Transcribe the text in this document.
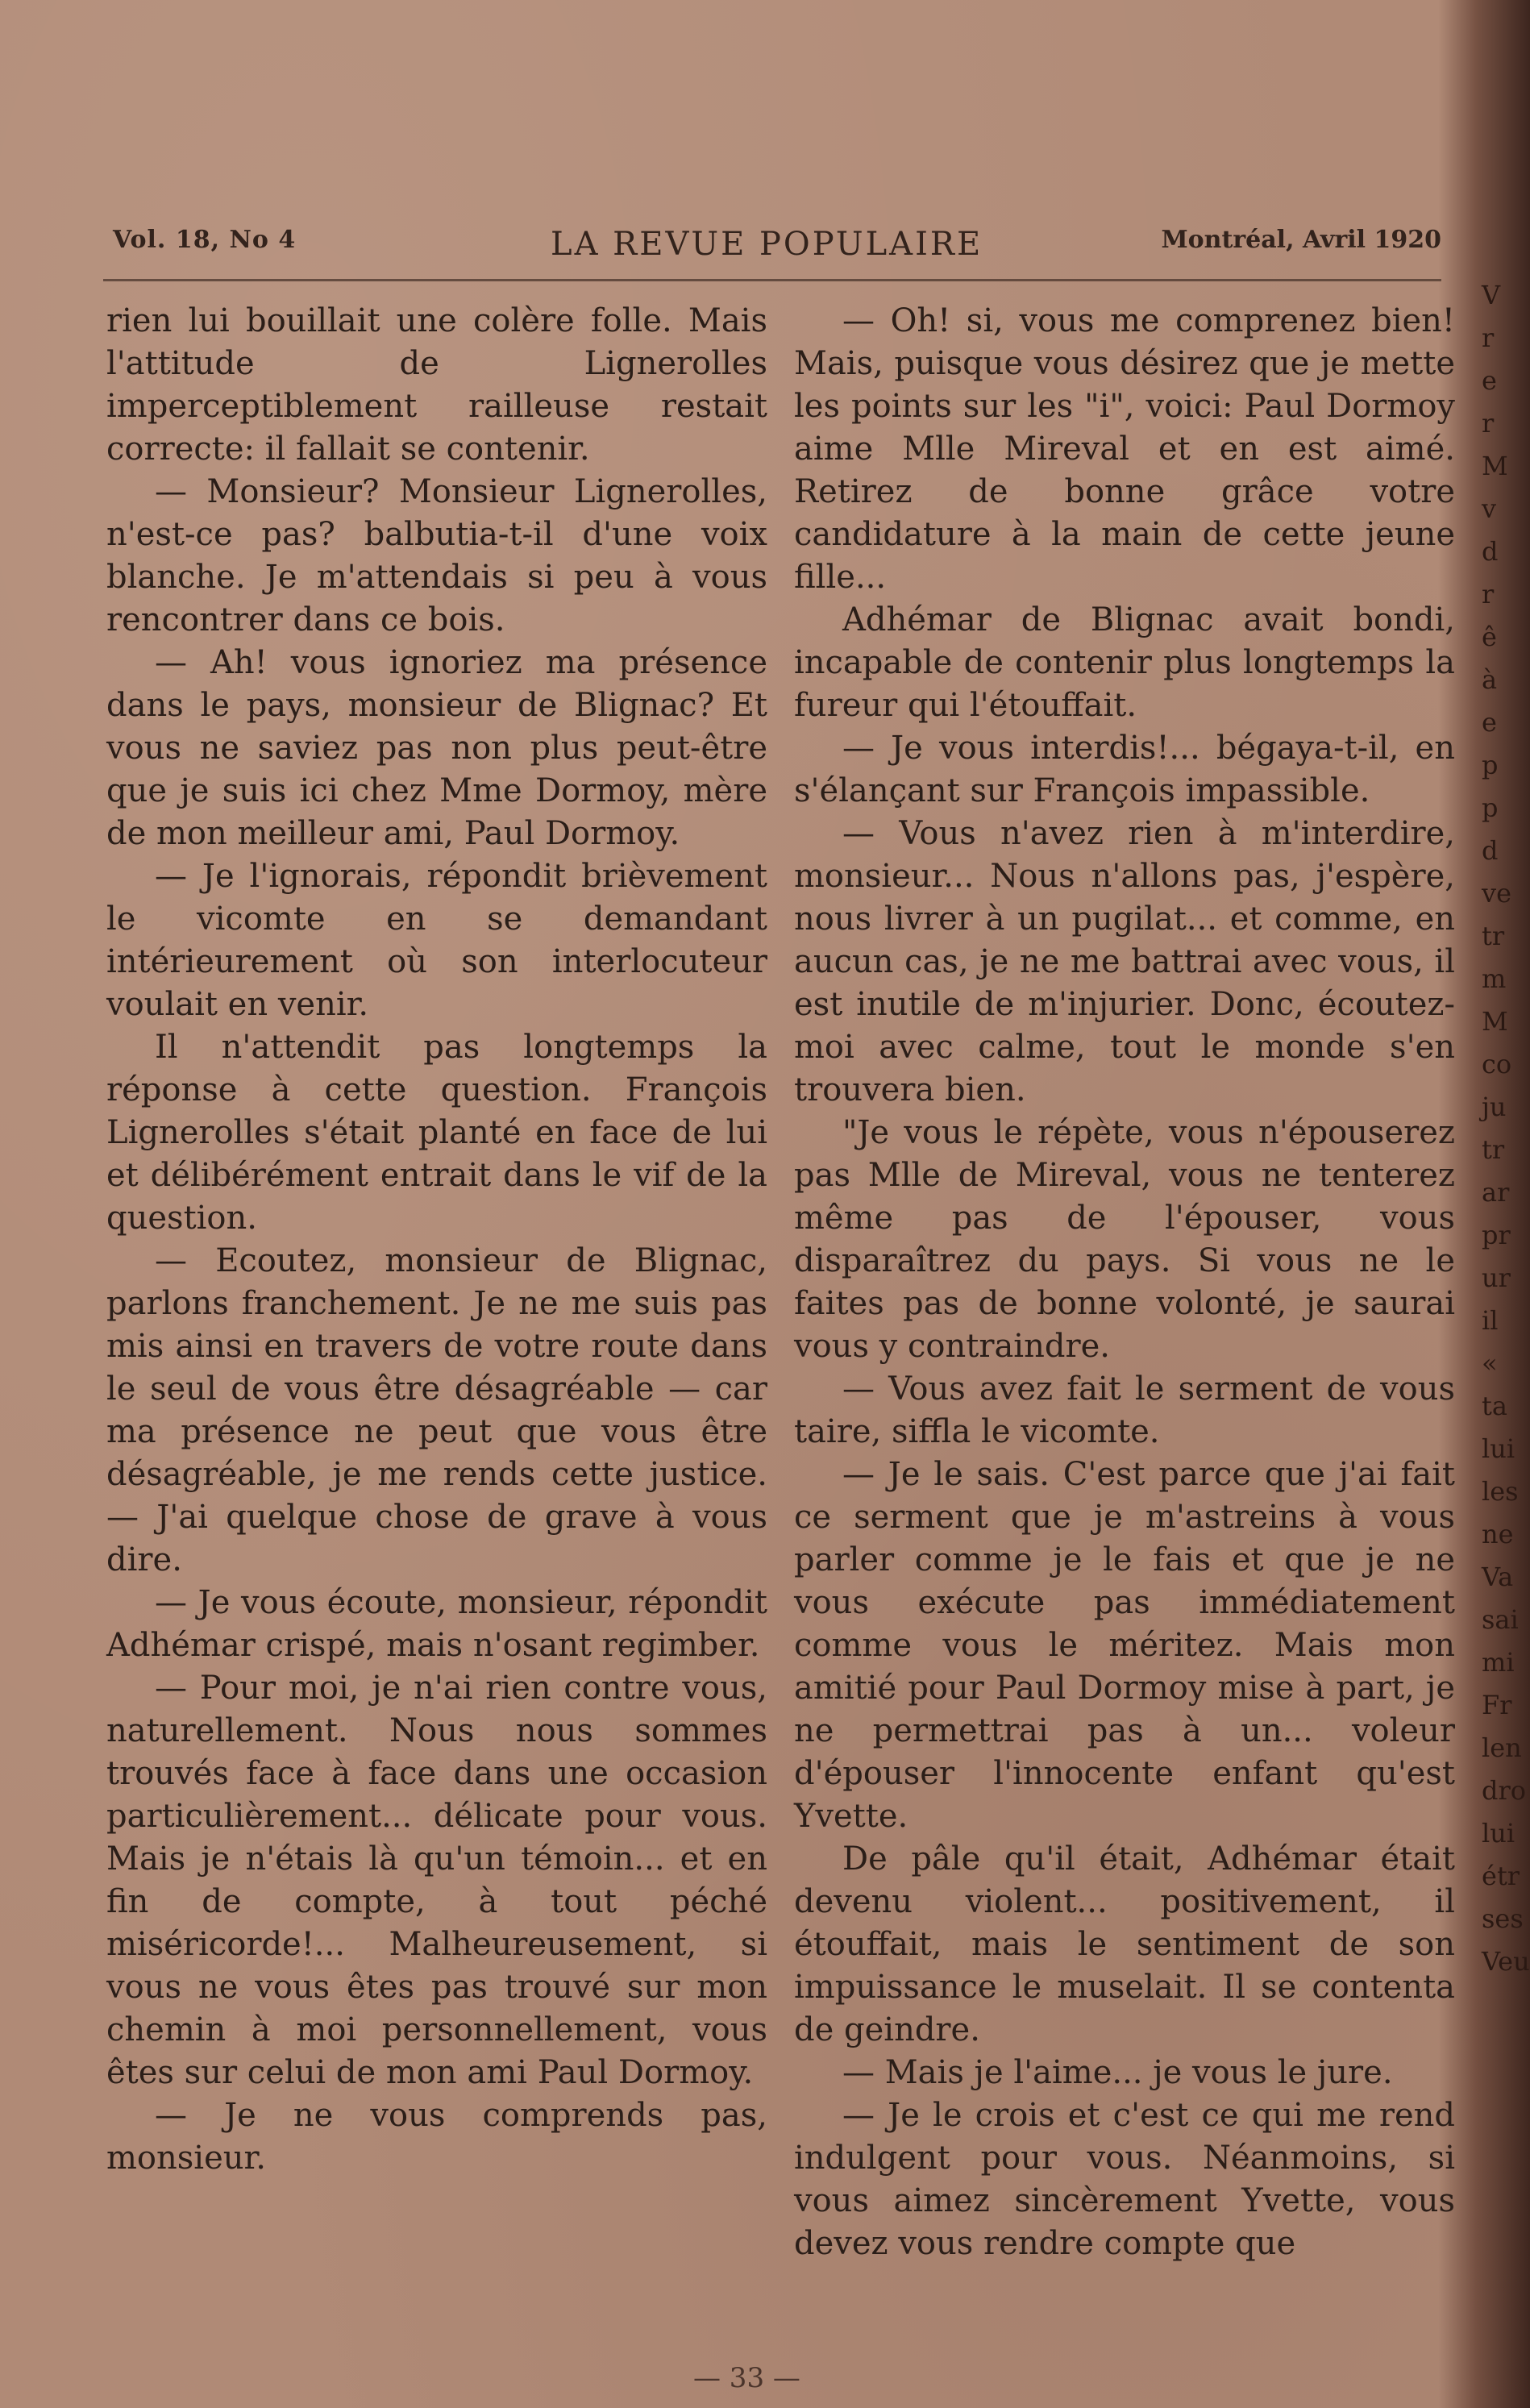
Vol. 18, No 4	LA REVUE POPULAIRE	Montréal, Avril 1920

rien lui bouillait une colère folle. Mais l'attitude de Lignerolles imperceptiblement railleuse restait correcte: il fallait se contenir.

— Monsieur? Monsieur Lignerolles, n'est-ce pas? balbutia-t-il d'une voix blanche. Je m'attendais si peu à vous rencontrer dans ce bois.

— Ah! vous ignoriez ma présence dans le pays, monsieur de Blignac? Et vous ne saviez pas non plus peut-être que je suis ici chez Mme Dormoy, mère de mon meilleur ami, Paul Dormoy.

— Je l'ignorais, répondit brièvement le vicomte en se demandant intérieurement où son interlocuteur voulait en venir.

Il n'attendit pas longtemps la réponse à cette question. François Lignerolles s'était planté en face de lui et délibérément entrait dans le vif de la question.

— Ecoutez, monsieur de Blignac, parlons franchement. Je ne me suis pas mis ainsi en travers de votre route dans le seul de vous être désagréable — car ma présence ne peut que vous être désagréable, je me rends cette justice. — J'ai quelque chose de grave à vous dire.

— Je vous écoute, monsieur, répondit Adhémar crispé, mais n'osant regimber.

— Pour moi, je n'ai rien contre vous, naturellement. Nous nous sommes trouvés face à face dans une occasion particulièrement... délicate pour vous. Mais je n'étais là qu'un témoin... et en fin de compte, à tout péché miséricorde!... Malheureusement, si vous ne vous êtes pas trouvé sur mon chemin à moi personnellement, vous êtes sur celui de mon ami Paul Dormoy.

— Je ne vous comprends pas, monsieur.

— Oh! si, vous me comprenez bien! Mais, puisque vous désirez que je mette les points sur les "i", voici: Paul Dormoy aime Mlle Mireval et en est aimé. Retirez de bonne grâce votre candidature à la main de cette jeune fille...

Adhémar de Blignac avait bondi, incapable de contenir plus longtemps la fureur qui l'étouffait.

— Je vous interdis!... bégaya-t-il, en s'élançant sur François impassible.

— Vous n'avez rien à m'interdire, monsieur... Nous n'allons pas, j'espère, nous livrer à un pugilat... et comme, en aucun cas, je ne me battrai avec vous, il est inutile de m'injurier. Donc, écoutez-moi avec calme, tout le monde s'en trouvera bien.

"Je vous le répète, vous n'épouserez pas Mlle de Mireval, vous ne tenterez même pas de l'épouser, vous disparaîtrez du pays. Si vous ne le faites pas de bonne volonté, je saurai vous y contraindre.

— Vous avez fait le serment de vous taire, siffla le vicomte.

— Je le sais. C'est parce que j'ai fait ce serment que je m'astreins à vous parler comme je le fais et que je ne vous exécute pas immédiatement comme vous le méritez. Mais mon amitié pour Paul Dormoy mise à part, je ne permettrai pas à un... voleur d'épouser l'innocente enfant qu'est Yvette.

De pâle qu'il était, Adhémar était devenu violent... positivement, il étouffait, mais le sentiment de son impuissance le muselait. Il se contenta de geindre.

— Mais je l'aime... je vous le jure.

— Je le crois et c'est ce qui me rend indulgent pour vous. Néanmoins, si vous aimez sincèrement Yvette, vous devez vous rendre compte que

— 33 —
V
r
e
r
M
v
d
r
ê
à
e
p
p
d
ve
tr
m
M
co
ju
tr
ar
pr
ur
il
«
ta
lui
les
ne
Va
sai
mi
Fr
len
dro
lui
étr
ses
Veu
